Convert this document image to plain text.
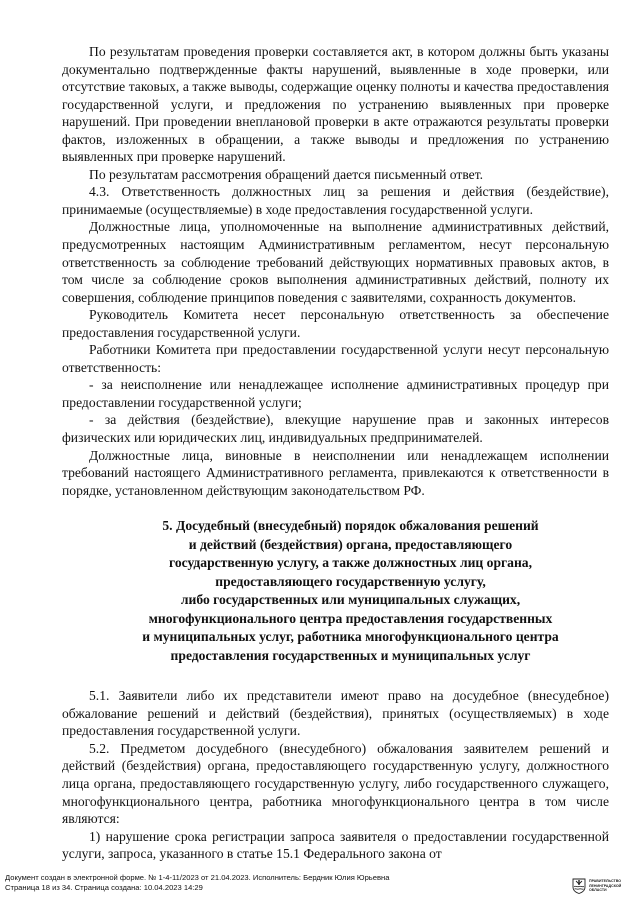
По результатам проведения проверки составляется акт, в котором должны быть указаны документально подтвержденные факты нарушений, выявленные в ходе проверки, или отсутствие таковых, а также выводы, содержащие оценку полноты и качества предоставления государственной услуги, и предложения по устранению выявленных при проверке нарушений. При проведении внеплановой проверки в акте отражаются результаты проверки фактов, изложенных в обращении, а также выводы и предложения по устранению выявленных при проверке нарушений.

По результатам рассмотрения обращений дается письменный ответ.

4.3. Ответственность должностных лиц за решения и действия (бездействие), принимаемые (осуществляемые) в ходе предоставления государственной услуги.

Должностные лица, уполномоченные на выполнение административных действий, предусмотренных настоящим Административным регламентом, несут персональную ответственность за соблюдение требований действующих нормативных правовых актов, в том числе за соблюдение сроков выполнения административных действий, полноту их совершения, соблюдение принципов поведения с заявителями, сохранность документов.

Руководитель Комитета несет персональную ответственность за обеспечение предоставления государственной услуги.

Работники Комитета при предоставлении государственной услуги несут персональную ответственность:

- за неисполнение или ненадлежащее исполнение административных процедур при предоставлении государственной услуги;

- за действия (бездействие), влекущие нарушение прав и законных интересов физических или юридических лиц, индивидуальных предпринимателей.

Должностные лица, виновные в неисполнении или ненадлежащем исполнении требований настоящего Административного регламента, привлекаются к ответственности в порядке, установленном действующим законодательством РФ.

5. Досудебный (внесудебный) порядок обжалования решений
и действий (бездействия) органа, предоставляющего
государственную услугу, а также должностных лиц органа,
предоставляющего государственную услугу,
либо государственных или муниципальных служащих,
многофункционального центра предоставления государственных
и муниципальных услуг, работника многофункционального центра
предоставления государственных и муниципальных услуг

5.1. Заявители либо их представители имеют право на досудебное (внесудебное) обжалование решений и действий (бездействия), принятых (осуществляемых) в ходе предоставления государственной услуги.

5.2. Предметом досудебного (внесудебного) обжалования заявителем решений и действий (бездействия) органа, предоставляющего государственную услугу, должностного лица органа, предоставляющего государственную услугу, либо государственного служащего, многофункционального центра, работника многофункционального центра в том числе являются:

1) нарушение срока регистрации запроса заявителя о предоставлении государственной услуги, запроса, указанного в статье 15.1 Федерального закона от

Документ создан в электронной форме. № 1-4-11/2023 от 21.04.2023. Исполнитель: Бердник Юлия Юрьевна
Страница 18 из 34. Страница создана: 10.04.2023 14:29
ПРАВИТЕЛЬСТВО
ЛЕНИНГРАДСКОЙ
ОБЛАСТИ
